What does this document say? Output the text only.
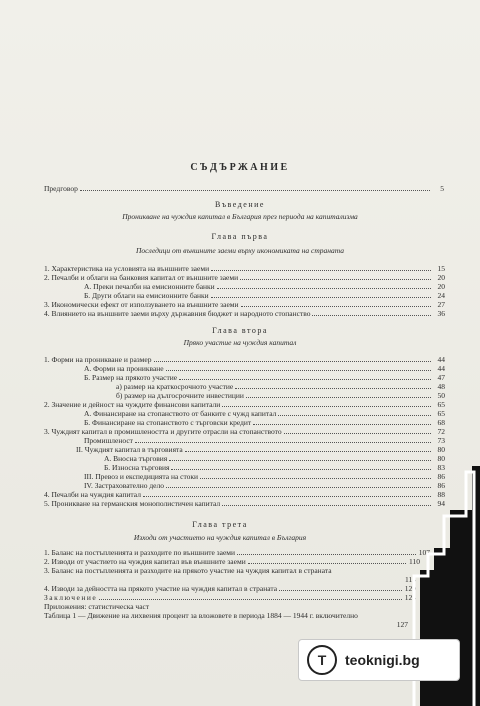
СЪДЪРЖАНИЕ
Предговор	5
Въведение
Проникване на чуждия капитал в България през периода на капитализма
Глава първа
Последици от външните заеми върху икономиката на страната
1. Характеристика на условията на външните заеми	15
2. Печалби и облаги на банковия капитал от външните заеми	20
А. Преки печалби на емисионните банки	20
Б. Други облаги на емисионните банки	24
3. Икономически ефект от използуването на външните заеми	27
4. Влиянието на външните заеми върху държавния бюджет и народното стопанство	36
Глава втора
Пряко участие на чуждия капитал
1. Форми на проникване и размер	44
А. Форми на проникване	44
Б. Размер на прякото участие	47
а) размер на краткосрочното участие	48
б) размер на дългосрочните инвестиции	50
2. Значение и дейност на чуждите финансови капитали	65
А. Финансиране на стопанството от банките с чужд капитал	65
Б. Финансиране на стопанството с търговски кредит	68
3. Чуждият капитал в промишлеността и другите отрасли на стопанството	72
Промишленост	73
II. Чуждият капитал в търговията	80
А. Вносна търговия	80
Б. Износна търговия	83
III. Превоз и експедицията на стоки	86
IV. Застрахователно дело	86
4. Печалби на чуждия капитал	88
5. Проникване на германския монополистичен капитал	94
Глава трета
Изходи от участието на чуждия капитал в България
1. Баланс на постъпленията и разходите по външните заеми	107
2. Изводи от участието на чуждия капитал във външните заеми	110
3. Баланс на постъпленията и разходите на прякото участие на чуждия капитал в страната
113
4. Изводи за дейността на прякото участие на чуждия капитал в страната	120
Заключение	123
Приложения: статистическа част
Таблица 1 — Движение на лихвения процент за вложовете в периода 1884 — 1944 г. включително
127
T teoknigi.bg
